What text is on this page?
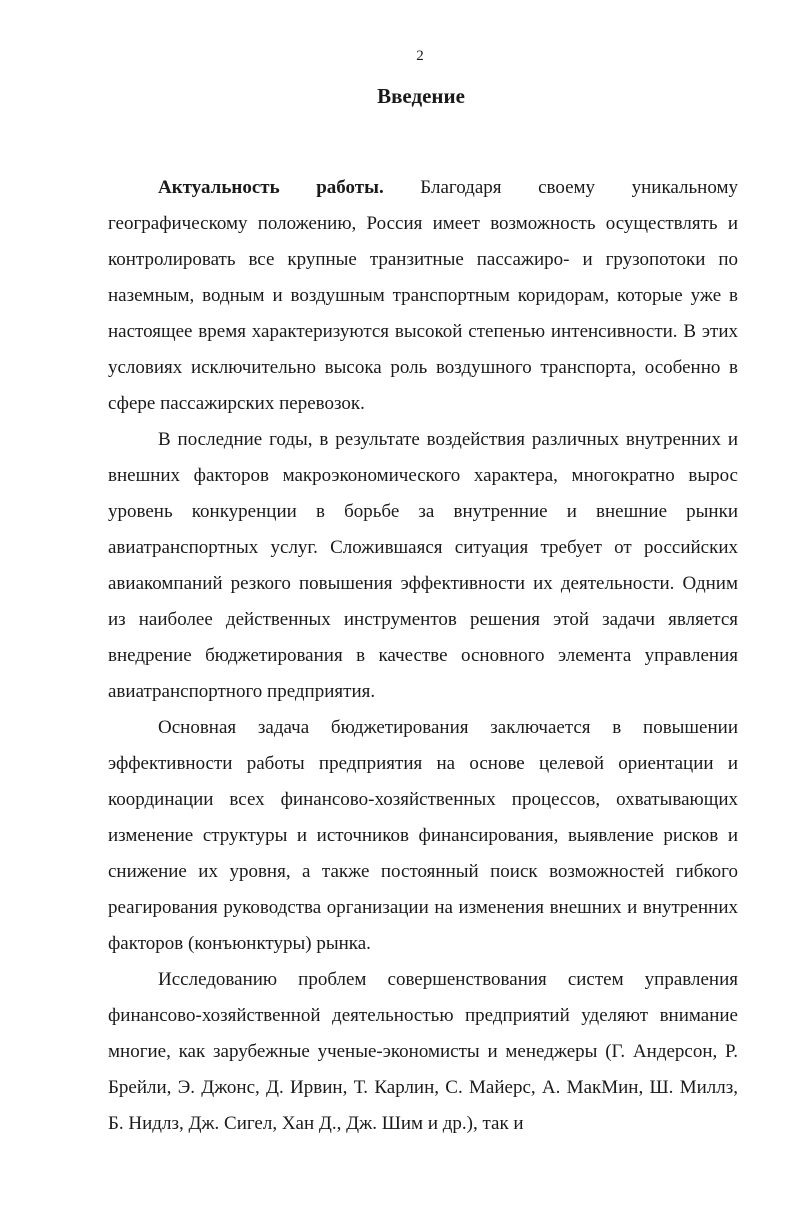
2
Введение

Актуальность работы. Благодаря своему уникальному географическому положению, Россия имеет возможность осуществлять и контролировать все крупные транзитные пассажиро- и грузопотоки по наземным, водным и воздушным транспортным коридорам, которые уже в настоящее время характеризуются высокой степенью интенсивности. В этих условиях исключительно высока роль воздушного транспорта, особенно в сфере пассажирских перевозок.

В последние годы, в результате воздействия различных внутренних и внешних факторов макроэкономического характера, многократно вырос уровень конкуренции в борьбе за внутренние и внешние рынки авиатранспортных услуг. Сложившаяся ситуация требует от российских авиакомпаний резкого повышения эффективности их деятельности. Одним из наиболее действенных инструментов решения этой задачи является внедрение бюджетирования в качестве основного элемента управления авиатранспортного предприятия.

Основная задача бюджетирования заключается в повышении эффективности работы предприятия на основе целевой ориентации и координации всех финансово-хозяйственных процессов, охватывающих изменение структуры и источников финансирования, выявление рисков и снижение их уровня, а также постоянный поиск возможностей гибкого реагирования руководства организации на изменения внешних и внутренних факторов (конъюнктуры) рынка.

Исследованию проблем совершенствования систем управления финансово-хозяйственной деятельностью предприятий уделяют внимание многие, как зарубежные ученые-экономисты и менеджеры (Г. Андерсон, Р. Брейли, Э. Джонс, Д. Ирвин, Т. Карлин, С. Майерс, А. МакМин, Ш. Миллз, Б. Нидлз, Дж. Сигел, Хан Д., Дж. Шим и др.), так и
